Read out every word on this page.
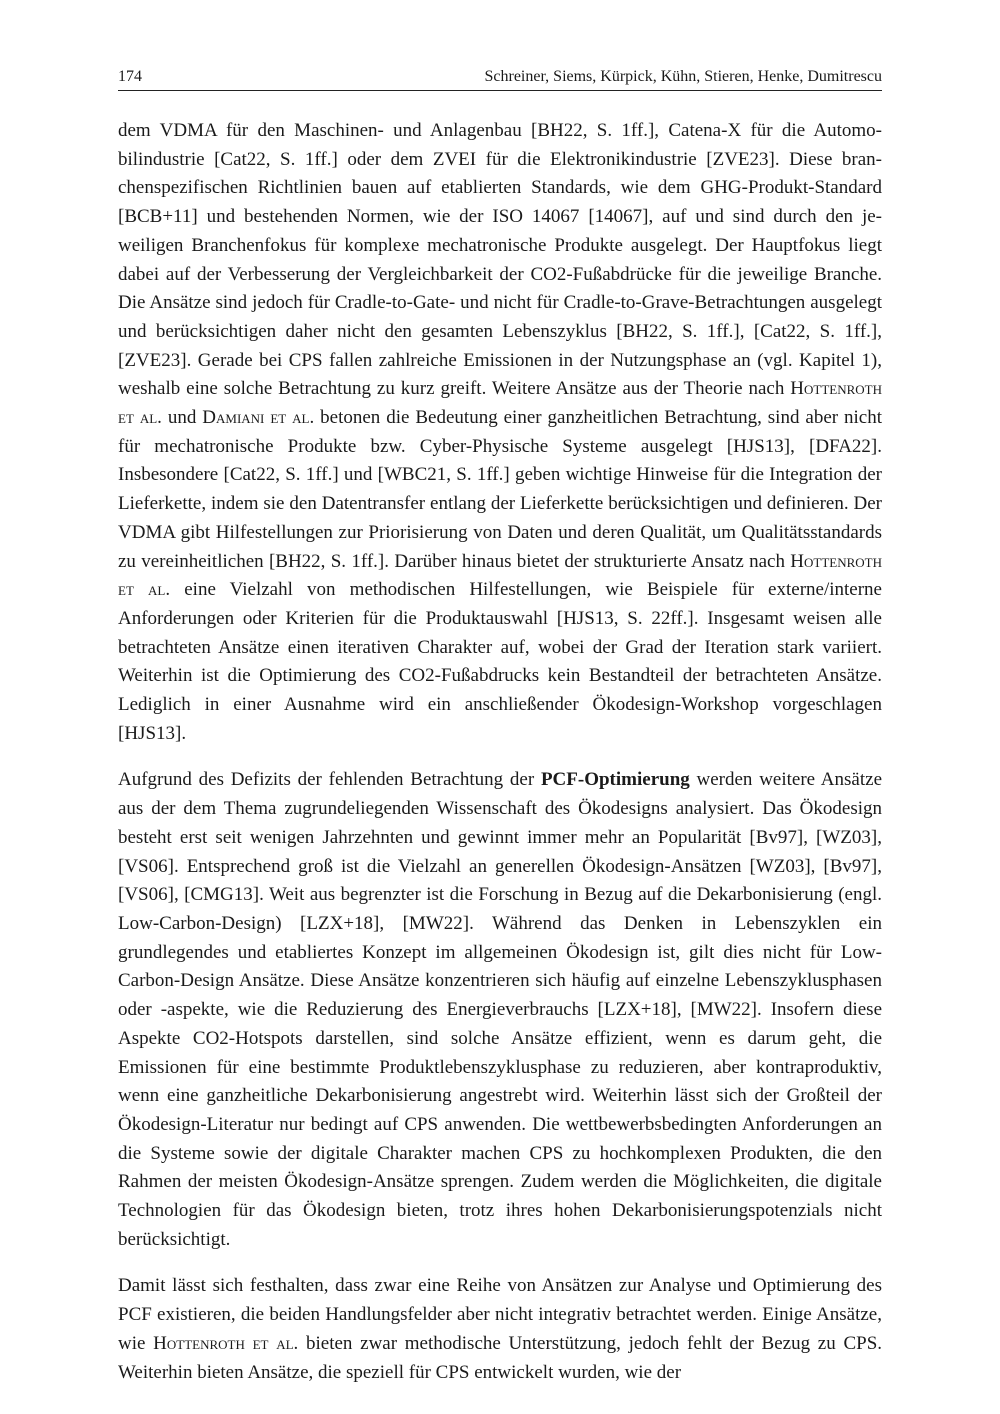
174	Schreiner, Siems, Kürpick, Kühn, Stieren, Henke, Dumitrescu

dem VDMA für den Maschinen- und Anlagenbau [BH22, S. 1ff.], Catena-X für die Automobilindustrie [Cat22, S. 1ff.] oder dem ZVEI für die Elektronikindustrie [ZVE23]. Diese branchenspezifischen Richtlinien bauen auf etablierten Standards, wie dem GHG-Produkt-Standard [BCB+11] und bestehenden Normen, wie der ISO 14067 [14067], auf und sind durch den jeweiligen Branchenfokus für komplexe mechatronische Produkte ausgelegt. Der Hauptfokus liegt dabei auf der Verbesserung der Vergleichbarkeit der CO2-Fußabdrücke für die jeweilige Branche. Die Ansätze sind jedoch für Cradle-to-Gate- und nicht für Cradle-to-Grave-Betrachtungen ausgelegt und berücksichtigen daher nicht den gesamten Lebenszyklus [BH22, S. 1ff.], [Cat22, S. 1ff.], [ZVE23]. Gerade bei CPS fallen zahlreiche Emissionen in der Nutzungsphase an (vgl. Kapitel 1), weshalb eine solche Betrachtung zu kurz greift. Weitere Ansätze aus der Theorie nach Hottenroth et al. und Damiani et al. betonen die Bedeutung einer ganzheitlichen Betrachtung, sind aber nicht für mechatronische Produkte bzw. Cyber-Physische Systeme ausgelegt [HJS13], [DFA22]. Insbesondere [Cat22, S. 1ff.] und [WBC21, S. 1ff.] geben wichtige Hinweise für die Integration der Lieferkette, indem sie den Datentransfer entlang der Lieferkette berücksichtigen und definieren. Der VDMA gibt Hilfestellungen zur Priorisierung von Daten und deren Qualität, um Qualitätsstandards zu vereinheitlichen [BH22, S. 1ff.]. Darüber hinaus bietet der strukturierte Ansatz nach Hottenroth et al. eine Vielzahl von methodischen Hilfestellungen, wie Beispiele für externe/interne Anforderungen oder Kriterien für die Produktauswahl [HJS13, S. 22ff.]. Insgesamt weisen alle betrachteten Ansätze einen iterativen Charakter auf, wobei der Grad der Iteration stark variiert. Weiterhin ist die Optimierung des CO2-Fußabdrucks kein Bestandteil der betrachteten Ansätze. Lediglich in einer Ausnahme wird ein anschließender Ökodesign-Workshop vorgeschlagen [HJS13].

Aufgrund des Defizits der fehlenden Betrachtung der PCF-Optimierung werden weitere Ansätze aus der dem Thema zugrundeliegenden Wissenschaft des Ökodesigns analysiert. Das Ökodesign besteht erst seit wenigen Jahrzehnten und gewinnt immer mehr an Popularität [Bv97], [WZ03], [VS06]. Entsprechend groß ist die Vielzahl an generellen Ökodesign-Ansätzen [WZ03], [Bv97], [VS06], [CMG13]. Weit aus begrenzter ist die Forschung in Bezug auf die Dekarbonisierung (engl. Low-Carbon-Design) [LZX+18], [MW22]. Während das Denken in Lebenszyklen ein grundlegendes und etabliertes Konzept im allgemeinen Ökodesign ist, gilt dies nicht für Low-Carbon-Design Ansätze. Diese Ansätze konzentrieren sich häufig auf einzelne Lebenszyklusphasen oder -aspekte, wie die Reduzierung des Energieverbrauchs [LZX+18], [MW22]. Insofern diese Aspekte CO2-Hotspots darstellen, sind solche Ansätze effizient, wenn es darum geht, die Emissionen für eine bestimmte Produktlebenszyklusphase zu reduzieren, aber kontraproduktiv, wenn eine ganzheitliche Dekarbonisierung angestrebt wird. Weiterhin lässt sich der Großteil der Ökodesign-Literatur nur bedingt auf CPS anwenden. Die wettbewerbsbedingten Anforderungen an die Systeme sowie der digitale Charakter machen CPS zu hochkomplexen Produkten, die den Rahmen der meisten Ökodesign-Ansätze sprengen. Zudem werden die Möglichkeiten, die digitale Technologien für das Ökodesign bieten, trotz ihres hohen Dekarbonisierungspotenzials nicht berücksichtigt.

Damit lässt sich festhalten, dass zwar eine Reihe von Ansätzen zur Analyse und Optimierung des PCF existieren, die beiden Handlungsfelder aber nicht integrativ betrachtet werden. Einige Ansätze, wie Hottenroth et al. bieten zwar methodische Unterstützung, jedoch fehlt der Bezug zu CPS. Weiterhin bieten Ansätze, die speziell für CPS entwickelt wurden, wie der
